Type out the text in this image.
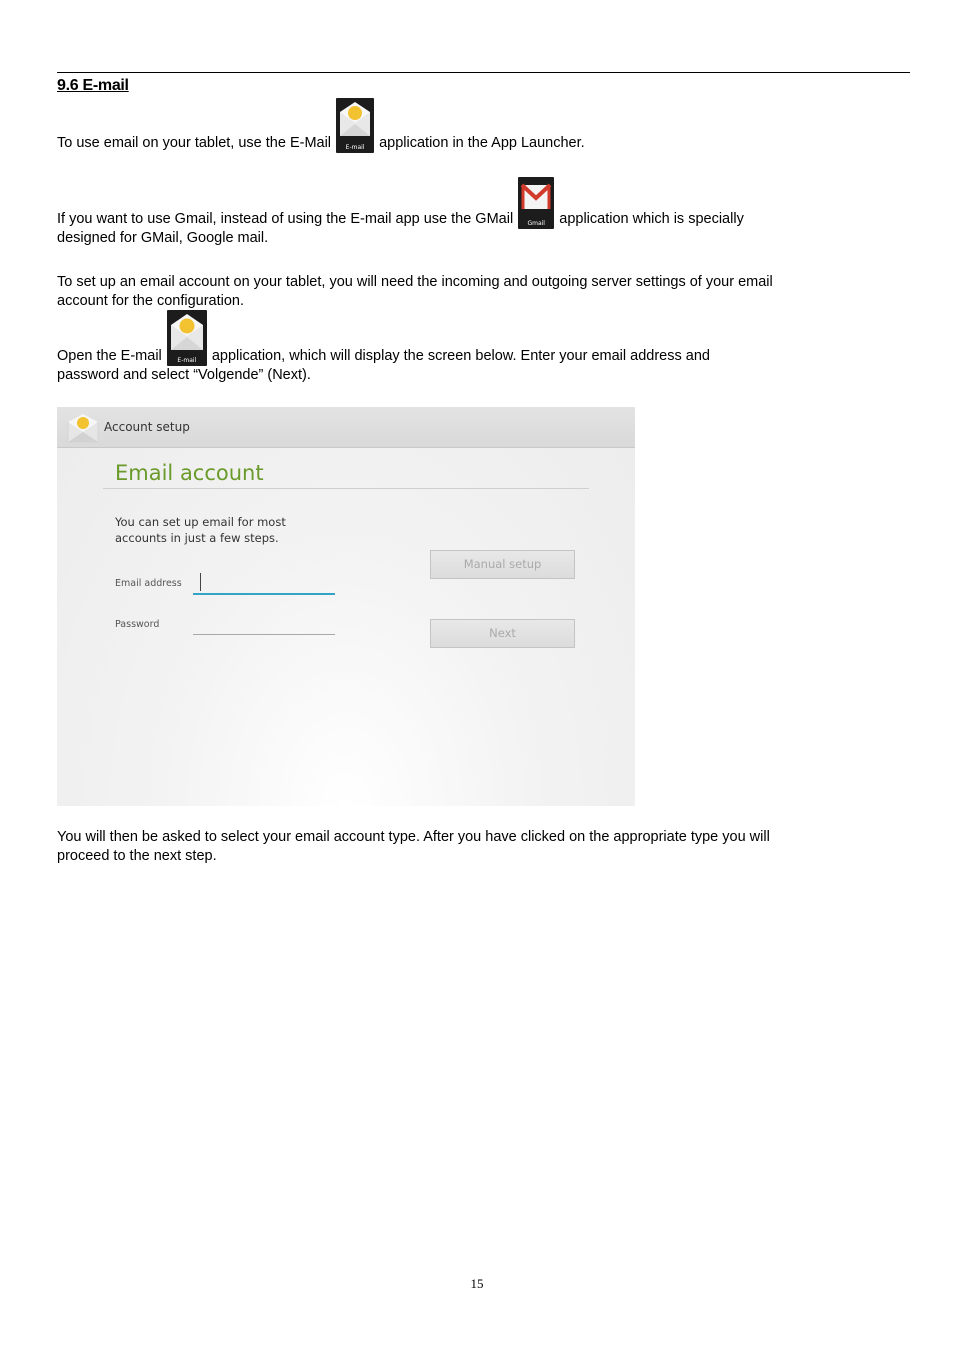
9.6 E-mail
To use email on your tablet, use the E-Mail	E-mail	application in the App Launcher.
If you want to use Gmail, instead of using the E-mail app use the GMail	Gmail application which is specially
designed for GMail, Google mail.
To set up an email account on your tablet, you will need the incoming and outgoing server settings of your email
account for the configuration.
Open the E-mail	E-mail	application, which will display the screen below. Enter your email address and
password and select “Volgende” (Next).
Account setup
Email account
You can set up email for most
accounts in just a few steps.
Email address
Password
Manual setup
Next
You will then be asked to select your email account type. After you have clicked on the appropriate type you will
proceed to the next step.
15
